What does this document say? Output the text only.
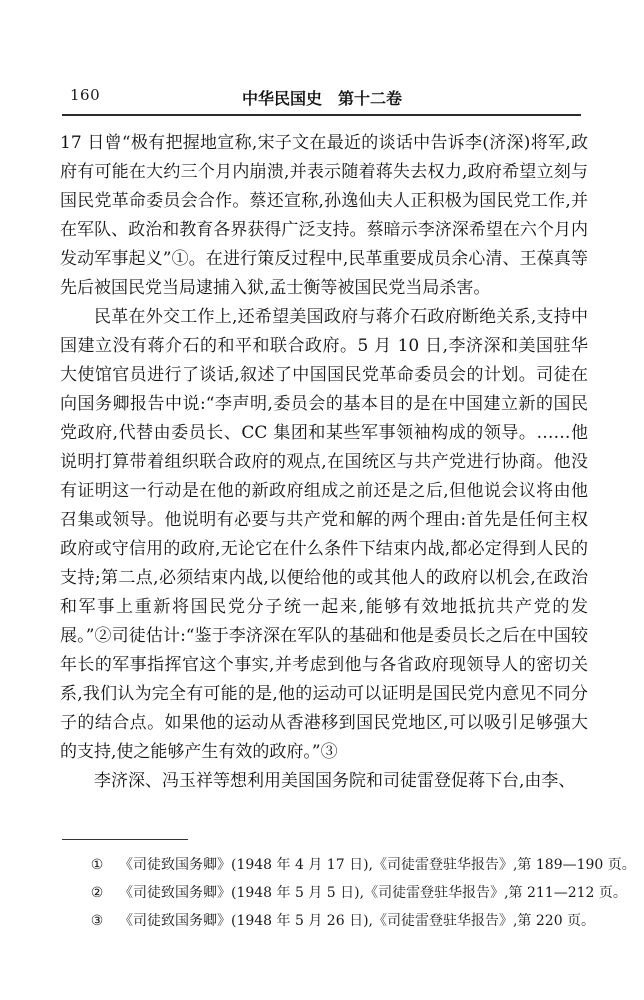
160	中华民国史　第十二卷

17 日曾“极有把握地宣称,宋子文在最近的谈话中告诉李(济深)将军,政府有可能在大约三个月内崩溃,并表示随着蒋失去权力,政府希望立刻与国民党革命委员会合作。蔡还宣称,孙逸仙夫人正积极为国民党工作,并在军队、政治和教育各界获得广泛支持。蔡暗示李济深希望在六个月内发动军事起义”①。在进行策反过程中,民革重要成员余心清、王葆真等先后被国民党当局逮捕入狱,孟士衡等被国民党当局杀害。

民革在外交工作上,还希望美国政府与蒋介石政府断绝关系,支持中国建立没有蒋介石的和平和联合政府。5 月 10 日,李济深和美国驻华大使馆官员进行了谈话,叙述了中国国民党革命委员会的计划。司徒在向国务卿报告中说:“李声明,委员会的基本目的是在中国建立新的国民党政府,代替由委员长、CC 集团和某些军事领袖构成的领导。……他说明打算带着组织联合政府的观点,在国统区与共产党进行协商。他没有证明这一行动是在他的新政府组成之前还是之后,但他说会议将由他召集或领导。他说明有必要与共产党和解的两个理由:首先是任何主权政府或守信用的政府,无论它在什么条件下结束内战,都必定得到人民的支持;第二点,必须结束内战,以便给他的或其他人的政府以机会,在政治和军事上重新将国民党分子统一起来,能够有效地抵抗共产党的发展。”②司徒估计:“鉴于李济深在军队的基础和他是委员长之后在中国较年长的军事指挥官这个事实,并考虑到他与各省政府现领导人的密切关系,我们认为完全有可能的是,他的运动可以证明是国民党内意见不同分子的结合点。如果他的运动从香港移到国民党地区,可以吸引足够强大的支持,使之能够产生有效的政府。”③

李济深、冯玉祥等想利用美国国务院和司徒雷登促蒋下台,由李、

① 《司徒致国务卿》(1948 年 4 月 17 日),《司徒雷登驻华报告》,第 189—190 页。
② 《司徒致国务卿》(1948 年 5 月 5 日),《司徒雷登驻华报告》,第 211—212 页。
③ 《司徒致国务卿》(1948 年 5 月 26 日),《司徒雷登驻华报告》,第 220 页。
